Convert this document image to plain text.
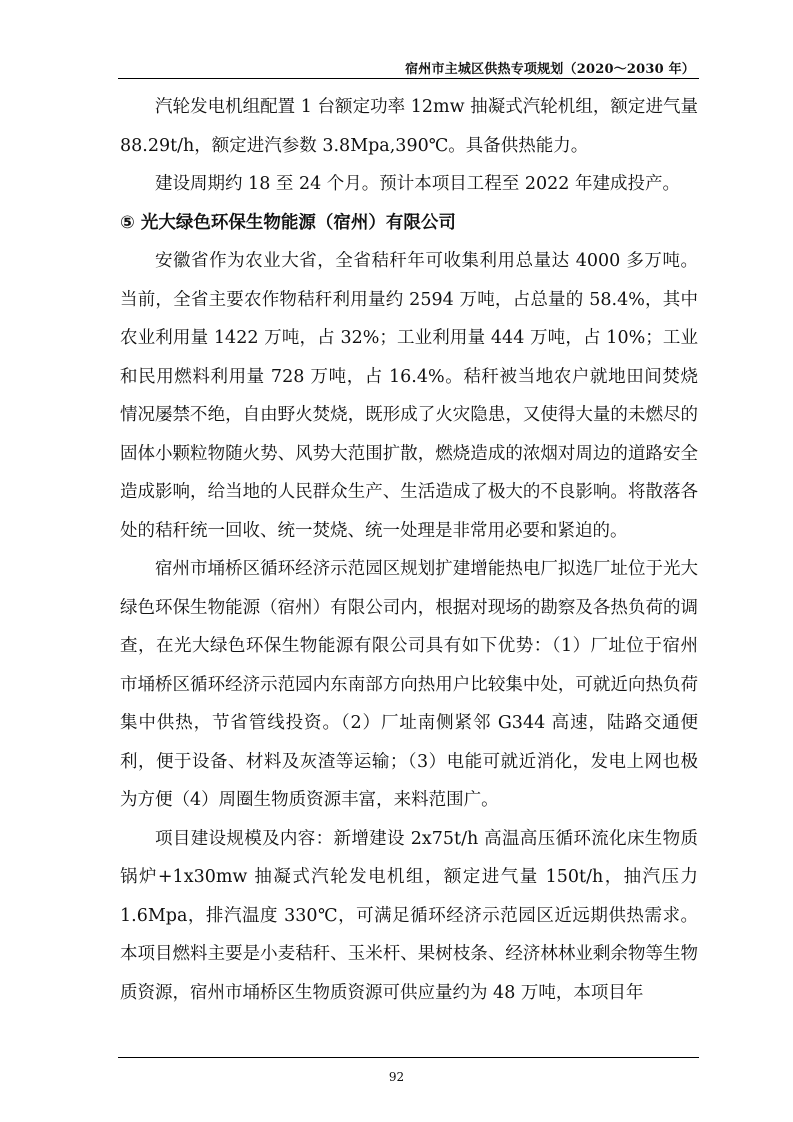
宿州市主城区供热专项规划（2020～2030 年）

汽轮发电机组配置 1 台额定功率 12mw 抽凝式汽轮机组，额定进气量 88.29t/h，额定进汽参数 3.8Mpa,390℃。具备供热能力。

建设周期约 18 至 24 个月。预计本项目工程至 2022 年建成投产。

⑤ 光大绿色环保生物能源（宿州）有限公司

安徽省作为农业大省，全省秸秆年可收集利用总量达 4000 多万吨。当前，全省主要农作物秸秆利用量约 2594 万吨，占总量的 58.4%，其中农业利用量 1422 万吨，占 32%；工业利用量 444 万吨，占 10%；工业和民用燃料利用量 728 万吨，占 16.4%。秸秆被当地农户就地田间焚烧情况屡禁不绝，自由野火焚烧，既形成了火灾隐患，又使得大量的未燃尽的固体小颗粒物随火势、风势大范围扩散，燃烧造成的浓烟对周边的道路安全造成影响，给当地的人民群众生产、生活造成了极大的不良影响。将散落各处的秸秆统一回收、统一焚烧、统一处理是非常用必要和紧迫的。

宿州市埇桥区循环经济示范园区规划扩建增能热电厂拟选厂址位于光大绿色环保生物能源（宿州）有限公司内，根据对现场的勘察及各热负荷的调查，在光大绿色环保生物能源有限公司具有如下优势：（1）厂址位于宿州市埇桥区循环经济示范园内东南部方向热用户比较集中处，可就近向热负荷集中供热，节省管线投资。（2）厂址南侧紧邻 G344 高速，陆路交通便利，便于设备、材料及灰渣等运输；（3）电能可就近消化，发电上网也极为方便（4）周圈生物质资源丰富，来料范围广。

项目建设规模及内容：新增建设 2x75t/h 高温高压循环流化床生物质锅炉+1x30mw 抽凝式汽轮发电机组，额定进气量 150t/h，抽汽压力 1.6Mpa，排汽温度 330℃，可满足循环经济示范园区近远期供热需求。本项目燃料主要是小麦秸秆、玉米杆、果树枝条、经济林林业剩余物等生物质资源，宿州市埇桥区生物质资源可供应量约为 48 万吨，本项目年

92
